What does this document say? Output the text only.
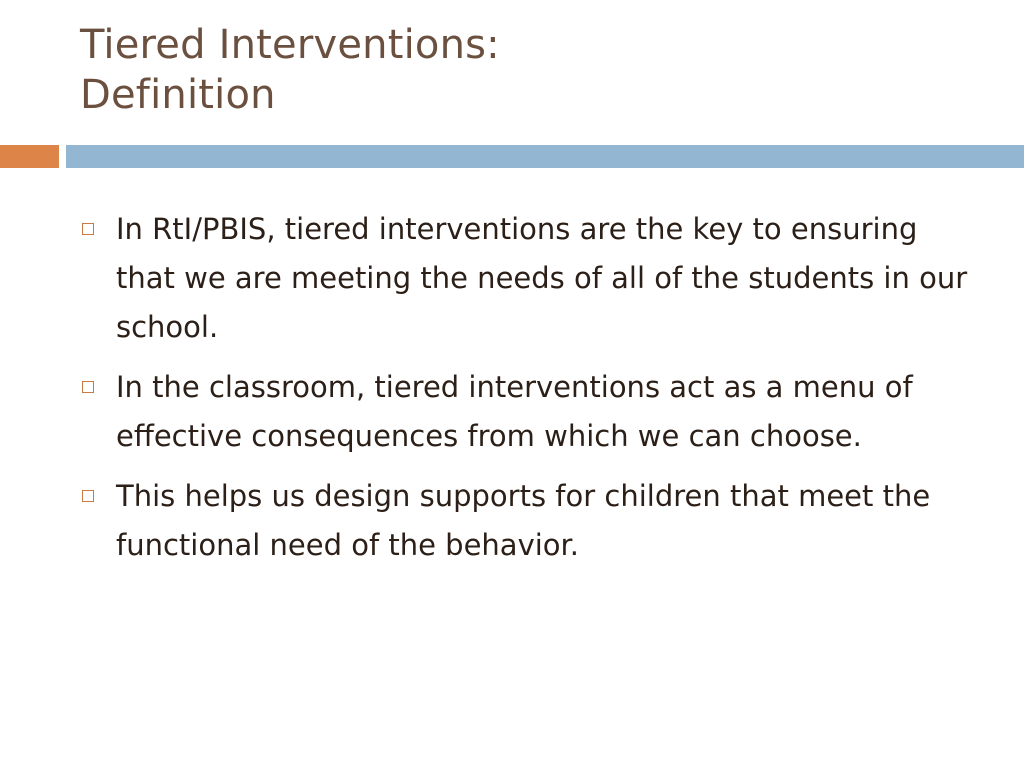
Tiered Interventions:
Definition
In RtI/PBIS, tiered interventions are the key to ensuring that we are meeting the needs of all of the students in our school.
In the classroom, tiered interventions act as a menu of effective consequences from which we can choose.
This helps us design supports for children that meet the functional need of the behavior.
